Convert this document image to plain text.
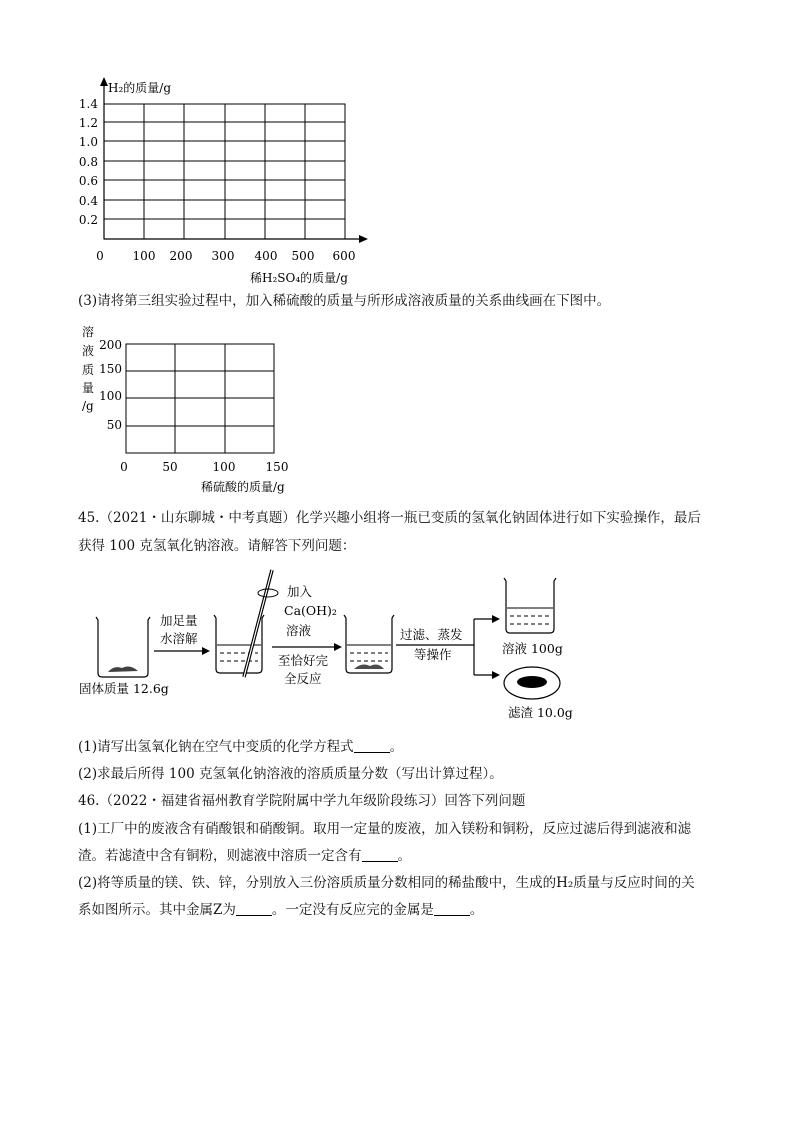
H₂的质量/g
1.4
1.2
1.0
0.8
0.6
0.4
0.2
0 100 200 300 400 500 600
稀H₂SO₄的质量/g
(3)请将第三组实验过程中，加入稀硫酸的质量与所形成溶液质量的关系曲线画在下图中。
溶
液
质
量
/g
200
150
100
50
0	50	100	150
稀硫酸的质量/g
45.（2021・山东聊城・中考真题）化学兴趣小组将一瓶已变质的氢氧化钠固体进行如下实验操作，最后
获得 100 克氢氧化钠溶液。请解答下列问题：
固体质量 12.6g
加足量
水溶解
加入
Ca(OH)₂
溶液
至恰好完
全反应
过滤、蒸发
等操作	溶液 100g
滤渣 10.0g
(1)请写出氢氧化钠在空气中变质的化学方程式	。
(2)求最后所得 100 克氢氧化钠溶液的溶质质量分数（写出计算过程）。
46.（2022・福建省福州教育学院附属中学九年级阶段练习）回答下列问题
(1)工厂中的废液含有硝酸银和硝酸铜。取用一定量的废液，加入镁粉和铜粉，反应过滤后得到滤液和滤
渣。若滤渣中含有铜粉，则滤液中溶质一定含有	。
(2)将等质量的镁、铁、锌，分别放入三份溶质质量分数相同的稀盐酸中，生成的H₂质量与反应时间的关
系如图所示。其中金属Z为	。一定没有反应完的金属是	。
